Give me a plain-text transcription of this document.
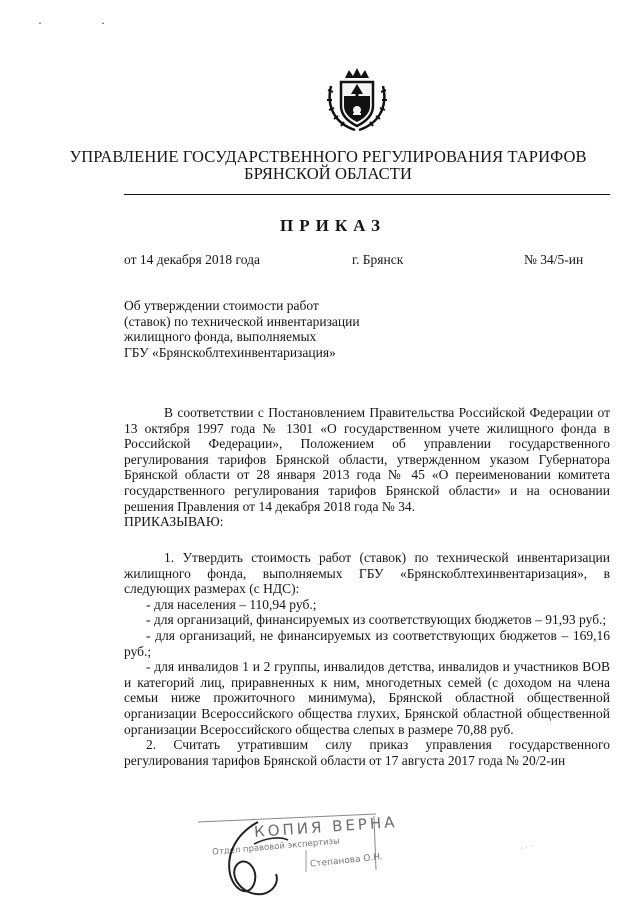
· ·
УПРАВЛЕНИЕ ГОСУДАРСТВЕННОГО РЕГУЛИРОВАНИЯ ТАРИФОВ
БРЯНСКОЙ ОБЛАСТИ
ПРИКАЗ
от 14 декабря 2018 года	г. Брянск	№ 34/5-ин
Об утверждении стоимости работ
(ставок) по технической инвентаризации
жилищного фонда, выполняемых
ГБУ «Брянскоблтехинвентаризация»
В соответствии с Постановлением Правительства Российской Федерации от 13 октября 1997 года № 1301 «О государственном учете жилищного фонда в Российской Федерации», Положением об управлении государственного регулирования тарифов Брянской области, утвержденном указом Губернатора Брянской области от 28 января 2013 года № 45 «О переименовании комитета государственного регулирования тарифов Брянской области» и на основании решения Правления от 14 декабря 2018 года № 34.
ПРИКАЗЫВАЮ:
1. Утвердить стоимость работ (ставок) по технической инвентаризации жилищного фонда, выполняемых ГБУ «Брянскоблтехинвентаризация», в следующих размерах (с НДС):
- для населения – 110,94 руб.;
- для организаций, финансируемых из соответствующих бюджетов – 91,93 руб.;
- для организаций, не финансируемых из соответствующих бюджетов – 169,16 руб.;
- для инвалидов 1 и 2 группы, инвалидов детства, инвалидов и участников ВОВ и категорий лиц, приравненных к ним, многодетных семей (с доходом на члена семьи ниже прожиточного минимума), Брянской областной общественной организации Всероссийского общества глухих, Брянской областной общественной организации Всероссийского общества слепых в размере 70,88 руб.
2. Считать утратившим силу приказ управления государственного регулирования тарифов Брянской области от 17 августа 2017 года № 20/2-ин
КОПИЯ ВЕРНА
Отдел правовой экспертизы
Степанова О.Н.
· · ·
